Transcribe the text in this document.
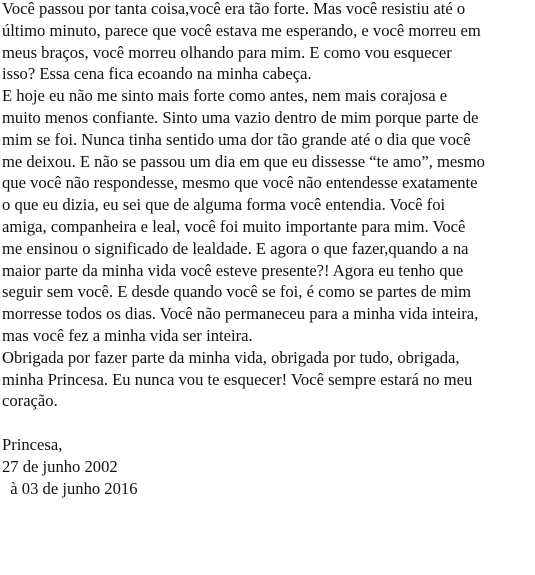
Você passou por tanta coisa,você era tão forte. Mas você resistiu até o
último minuto, parece que você estava me esperando, e você morreu em
meus braços, você morreu olhando para mim. E como vou esquecer
isso? Essa cena fica ecoando na minha cabeça.

E hoje eu não me sinto mais forte como antes, nem mais corajosa e
muito menos confiante. Sinto uma vazio dentro de mim porque parte de
mim se foi. Nunca tinha sentido uma dor tão grande até o dia que você
me deixou. E não se passou um dia em que eu dissesse “te amo”, mesmo
que você não respondesse, mesmo que você não entendesse exatamente
o que eu dizia, eu sei que de alguma forma você entendia. Você foi
amiga, companheira e leal, você foi muito importante para mim. Você
me ensinou o significado de lealdade. E agora o que fazer,quando a na
maior parte da minha vida você esteve presente?! Agora eu tenho que
seguir sem você. E desde quando você se foi, é como se partes de mim
morresse todos os dias. Você não permaneceu para a minha vida inteira,
mas você fez a minha vida ser inteira.

Obrigada por fazer parte da minha vida, obrigada por tudo, obrigada,
minha Princesa. Eu nunca vou te esquecer! Você sempre estará no meu
coração.

Princesa,

27 de junho 2002

à 03 de junho 2016
